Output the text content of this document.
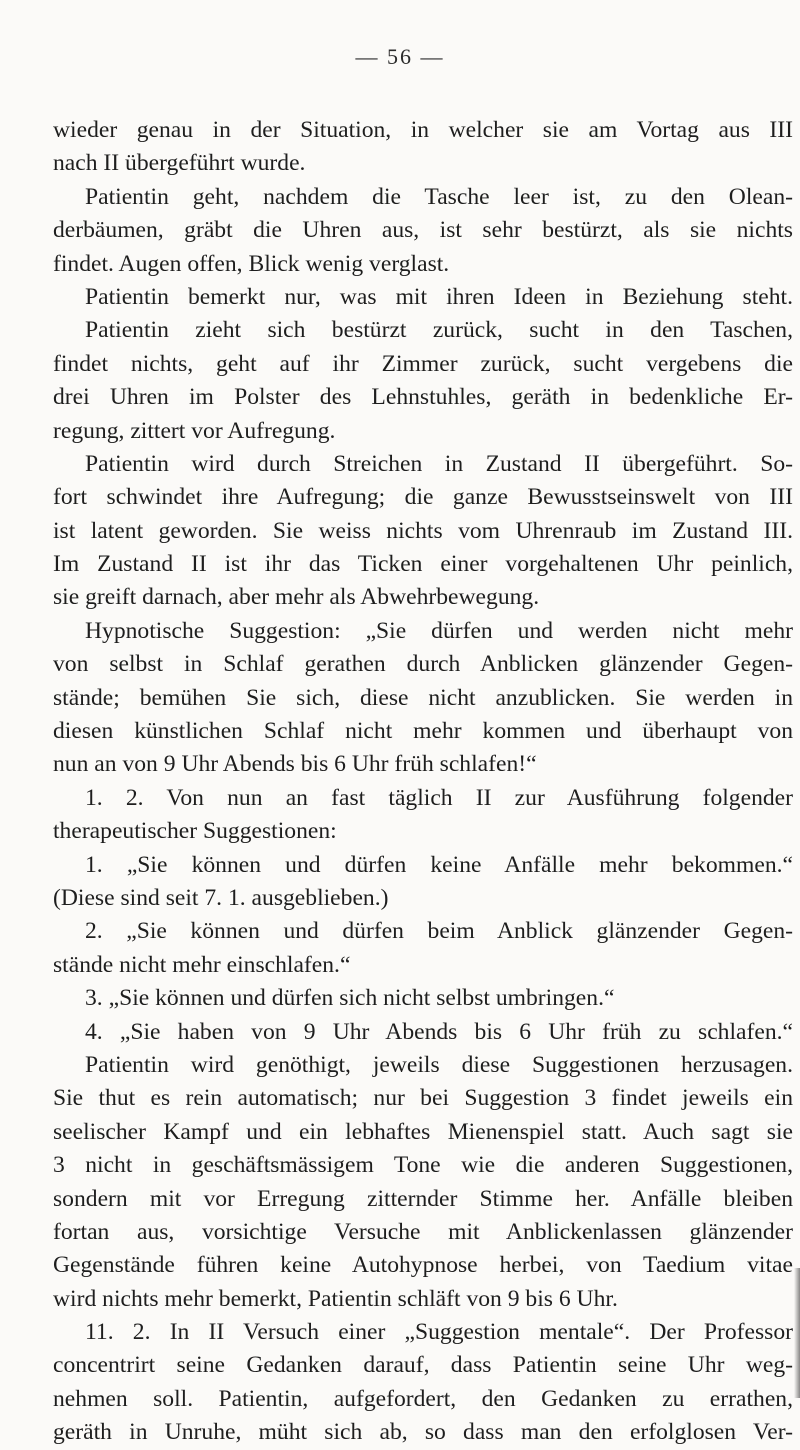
— 56 —
wieder genau in der Situation, in welcher sie am Vortag aus III
nach II übergeführt wurde.
Patientin geht, nachdem die Tasche leer ist, zu den Olean-
derbäumen, gräbt die Uhren aus, ist sehr bestürzt, als sie nichts
findet. Augen offen, Blick wenig verglast.
Patientin bemerkt nur, was mit ihren Ideen in Beziehung steht.
Patientin zieht sich bestürzt zurück, sucht in den Taschen,
findet nichts, geht auf ihr Zimmer zurück, sucht vergebens die
drei Uhren im Polster des Lehnstuhles, geräth in bedenkliche Er-
regung, zittert vor Aufregung.
Patientin wird durch Streichen in Zustand II übergeführt. So-
fort schwindet ihre Aufregung; die ganze Bewusstseinswelt von III
ist latent geworden. Sie weiss nichts vom Uhrenraub im Zustand III.
Im Zustand II ist ihr das Ticken einer vorgehaltenen Uhr peinlich,
sie greift darnach, aber mehr als Abwehrbewegung.
Hypnotische Suggestion: „Sie dürfen und werden nicht mehr
von selbst in Schlaf gerathen durch Anblicken glänzender Gegen-
stände; bemühen Sie sich, diese nicht anzublicken. Sie werden in
diesen künstlichen Schlaf nicht mehr kommen und überhaupt von
nun an von 9 Uhr Abends bis 6 Uhr früh schlafen!“
1. 2. Von nun an fast täglich II zur Ausführung folgender
therapeutischer Suggestionen:
1. „Sie können und dürfen keine Anfälle mehr bekommen.“
(Diese sind seit 7. 1. ausgeblieben.)
2. „Sie können und dürfen beim Anblick glänzender Gegen-
stände nicht mehr einschlafen.“
3. „Sie können und dürfen sich nicht selbst umbringen.“
4. „Sie haben von 9 Uhr Abends bis 6 Uhr früh zu schlafen.“
Patientin wird genöthigt, jeweils diese Suggestionen herzusagen.
Sie thut es rein automatisch; nur bei Suggestion 3 findet jeweils ein
seelischer Kampf und ein lebhaftes Mienenspiel statt. Auch sagt sie
3 nicht in geschäftsmässigem Tone wie die anderen Suggestionen,
sondern mit vor Erregung zitternder Stimme her. Anfälle bleiben
fortan aus, vorsichtige Versuche mit Anblickenlassen glänzender
Gegenstände führen keine Autohypnose herbei, von Taedium vitae
wird nichts mehr bemerkt, Patientin schläft von 9 bis 6 Uhr.
11. 2. In II Versuch einer „Suggestion mentale“. Der Professor
concentrirt seine Gedanken darauf, dass Patientin seine Uhr weg-
nehmen soll. Patientin, aufgefordert, den Gedanken zu errathen,
geräth in Unruhe, müht sich ab, so dass man den erfolglosen Ver-
